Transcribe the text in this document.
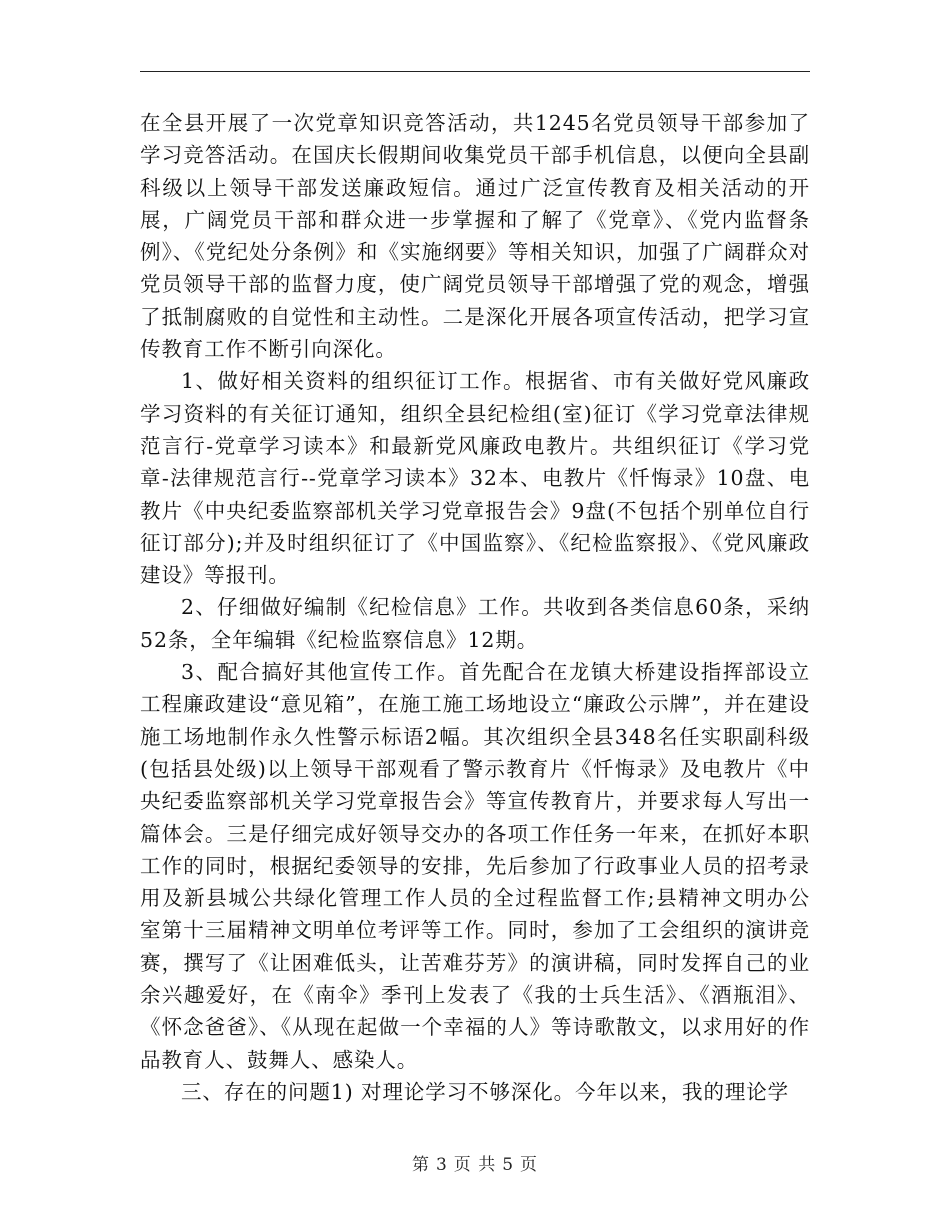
在全县开展了一次党章知识竞答活动，共1245名党员领导干部参加了学习竞答活动。在国庆长假期间收集党员干部手机信息，以便向全县副科级以上领导干部发送廉政短信。通过广泛宣传教育及相关活动的开展，广阔党员干部和群众进一步掌握和了解了《党章》、《党内监督条例》、《党纪处分条例》和《实施纲要》等相关知识，加强了广阔群众对党员领导干部的监督力度，使广阔党员领导干部增强了党的观念，增强了抵制腐败的自觉性和主动性。二是深化开展各项宣传活动，把学习宣传教育工作不断引向深化。

1、做好相关资料的组织征订工作。根据省、市有关做好党风廉政学习资料的有关征订通知，组织全县纪检组(室)征订《学习党章法律规范言行-党章学习读本》和最新党风廉政电教片。共组织征订《学习党章-法律规范言行--党章学习读本》32本、电教片《忏悔录》10盘、电教片《中央纪委监察部机关学习党章报告会》9盘(不包括个别单位自行征订部分);并及时组织征订了《中国监察》、《纪检监察报》、《党风廉政建设》等报刊。

2、仔细做好编制《纪检信息》工作。共收到各类信息60条，采纳52条，全年编辑《纪检监察信息》12期。

3、配合搞好其他宣传工作。首先配合在龙镇大桥建设指挥部设立工程廉政建设“意见箱”，在施工施工场地设立“廉政公示牌”，并在建设施工场地制作永久性警示标语2幅。其次组织全县348名任实职副科级(包括县处级)以上领导干部观看了警示教育片《忏悔录》及电教片《中央纪委监察部机关学习党章报告会》等宣传教育片，并要求每人写出一篇体会。三是仔细完成好领导交办的各项工作任务一年来，在抓好本职工作的同时，根据纪委领导的安排，先后参加了行政事业人员的招考录用及新县城公共绿化管理工作人员的全过程监督工作;县精神文明办公室第十三届精神文明单位考评等工作。同时，参加了工会组织的演讲竞赛，撰写了《让困难低头，让苦难芬芳》的演讲稿，同时发挥自己的业余兴趣爱好，在《南伞》季刊上发表了《我的士兵生活》、《酒瓶泪》、《怀念爸爸》、《从现在起做一个幸福的人》等诗歌散文，以求用好的作品教育人、鼓舞人、感染人。

三、存在的问题1) 对理论学习不够深化。今年以来，我的理论学

第 3 页 共 5 页
